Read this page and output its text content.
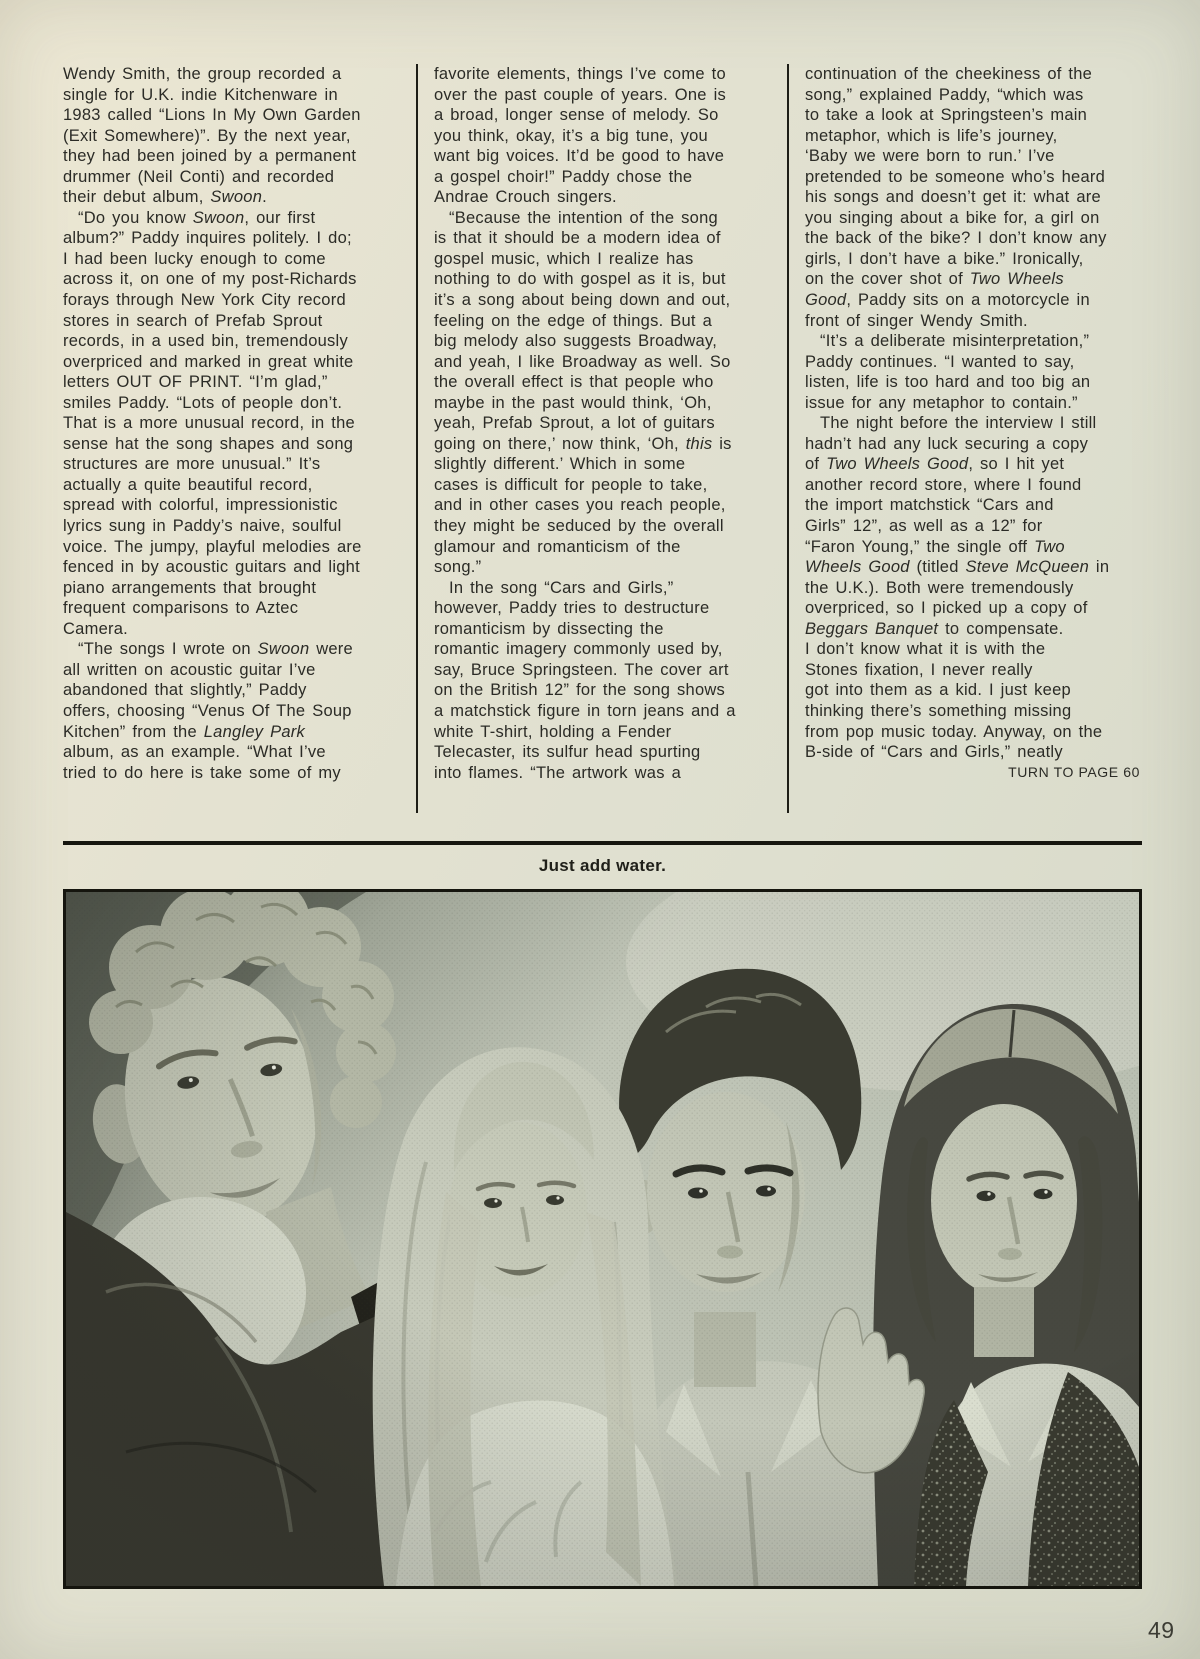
Wendy Smith, the group recorded a
single for U.K. indie Kitchenware in
1983 called “Lions In My Own Garden
(Exit Somewhere)”. By the next year,
they had been joined by a permanent
drummer (Neil Conti) and recorded
their debut album, Swoon.
“Do you know Swoon, our first
album?” Paddy inquires politely. I do;
I had been lucky enough to come
across it, on one of my post-Richards
forays through New York City record
stores in search of Prefab Sprout
records, in a used bin, tremendously
overpriced and marked in great white
letters OUT OF PRINT. “I’m glad,”
smiles Paddy. “Lots of people don’t.
That is a more unusual record, in the
sense hat the song shapes and song
structures are more unusual.” It’s
actually a quite beautiful record,
spread with colorful, impressionistic
lyrics sung in Paddy’s naive, soulful
voice. The jumpy, playful melodies are
fenced in by acoustic guitars and light
piano arrangements that brought
frequent comparisons to Aztec
Camera.
“The songs I wrote on Swoon were
all written on acoustic guitar I’ve
abandoned that slightly,” Paddy
offers, choosing “Venus Of The Soup
Kitchen” from the Langley Park
album, as an example. “What I’ve
tried to do here is take some of my
favorite elements, things I’ve come to
over the past couple of years. One is
a broad, longer sense of melody. So
you think, okay, it’s a big tune, you
want big voices. It’d be good to have
a gospel choir!” Paddy chose the
Andrae Crouch singers.
“Because the intention of the song
is that it should be a modern idea of
gospel music, which I realize has
nothing to do with gospel as it is, but
it’s a song about being down and out,
feeling on the edge of things. But a
big melody also suggests Broadway,
and yeah, I like Broadway as well. So
the overall effect is that people who
maybe in the past would think, ‘Oh,
yeah, Prefab Sprout, a lot of guitars
going on there,’ now think, ‘Oh, this is
slightly different.’ Which in some
cases is difficult for people to take,
and in other cases you reach people,
they might be seduced by the overall
glamour and romanticism of the
song.”
In the song “Cars and Girls,”
however, Paddy tries to destructure
romanticism by dissecting the
romantic imagery commonly used by,
say, Bruce Springsteen. The cover art
on the British 12” for the song shows
a matchstick figure in torn jeans and a
white T-shirt, holding a Fender
Telecaster, its sulfur head spurting
into flames. “The artwork was a
continuation of the cheekiness of the
song,” explained Paddy, “which was
to take a look at Springsteen’s main
metaphor, which is life’s journey,
‘Baby we were born to run.’ I’ve
pretended to be someone who’s heard
his songs and doesn’t get it: what are
you singing about a bike for, a girl on
the back of the bike? I don’t know any
girls, I don’t have a bike.” Ironically,
on the cover shot of Two Wheels
Good, Paddy sits on a motorcycle in
front of singer Wendy Smith.
“It’s a deliberate misinterpretation,”
Paddy continues. “I wanted to say,
listen, life is too hard and too big an
issue for any metaphor to contain.”
The night before the interview I still
hadn’t had any luck securing a copy
of Two Wheels Good, so I hit yet
another record store, where I found
the import matchstick “Cars and
Girls” 12”, as well as a 12” for
“Faron Young,” the single off Two
Wheels Good (titled Steve McQueen in
the U.K.). Both were tremendously
overpriced, so I picked up a copy of
Beggars Banquet to compensate.
I don’t know what it is with the
Stones fixation, I never really
got into them as a kid. I just keep
thinking there’s something missing
from pop music today. Anyway, on the
B-side of “Cars and Girls,” neatly
TURN TO PAGE 60
Just add water.
49
